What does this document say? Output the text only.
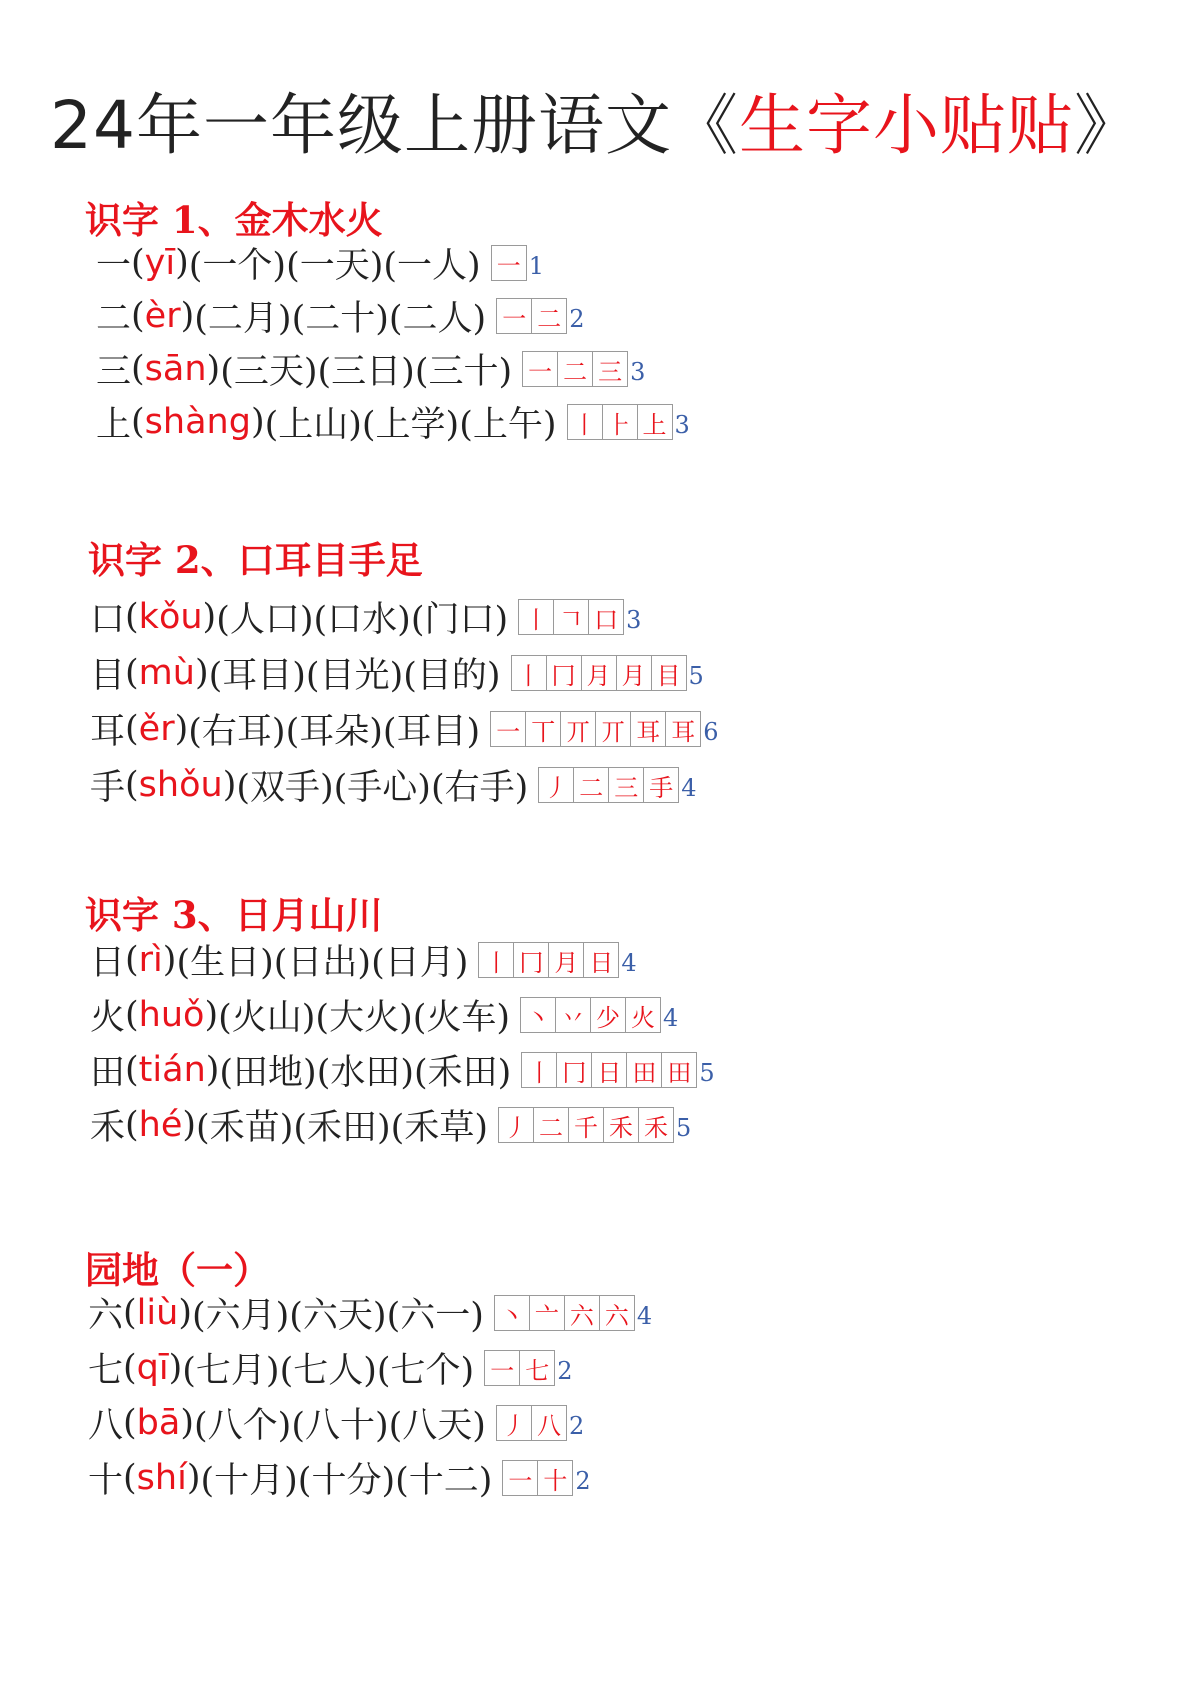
24年一年级上册语文《生字小贴贴》
识字 1、金木水火
一 ( yī ) (一个) (一天) (一人) 一 1
二 ( èr ) (二月) (二十) (二人) 一 二 2
三 ( sān ) (三天) (三日) (三十) 一 二 三 3
上 ( shàng ) (上山) (上学) (上午) 丨 ⺊ 上 3
识字 2、口耳目手足
口 ( kǒu ) (人口) (口水) (门口) 丨 𠃍 口 3
目 ( mù ) (耳目) (目光) (目的) 丨 冂 月 月 目 5
耳 ( ěr ) (右耳) (耳朵) (耳目) 一 丅 丌 丌 耳 耳 6
手 ( shǒu ) (双手) (手心) (右手) 丿 二 三 手 4
识字 3、日月山川
日 ( rì ) (生日) (日出) (日月) 丨 冂 月 日 4
火 ( huǒ ) (火山) (大火) (火车) 丶 丷 少 火 4
田 ( tián ) (田地) (水田) (禾田) 丨 冂 日 田 田 5
禾 ( hé ) (禾苗) (禾田) (禾草) 丿 二 千 禾 禾 5
园地（一）
六 ( liù ) (六月) (六天) (六一) 丶 亠 六 六 4
七 ( qī ) (七月) (七人) (七个) 一 七 2
八 ( bā ) (八个) (八十) (八天) 丿 八 2
十 ( shí ) (十月) (十分) (十二) 一 十 2
